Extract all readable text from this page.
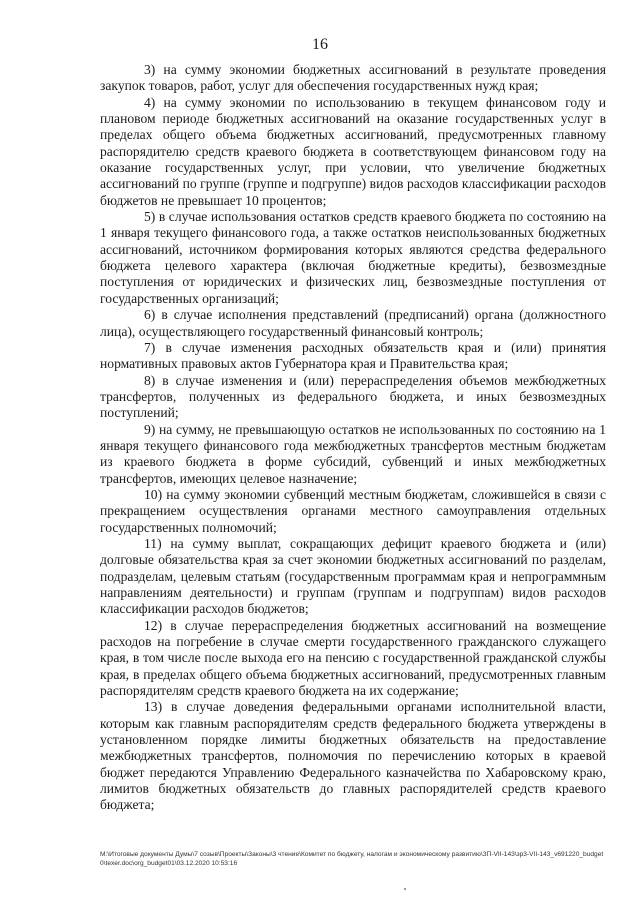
16

3) на сумму экономии бюджетных ассигнований в результате проведения закупок товаров, работ, услуг для обеспечения государственных нужд края;

4) на сумму экономии по использованию в текущем финансовом году и плановом периоде бюджетных ассигнований на оказание государственных услуг в пределах общего объема бюджетных ассигнований, предусмотренных главному распорядителю средств краевого бюджета в соответствующем финансовом году на оказание государственных услуг, при условии, что увеличение бюджетных ассигнований по группе (группе и подгруппе) видов расходов классификации расходов бюджетов не превышает 10 процентов;

5) в случае использования остатков средств краевого бюджета по состоянию на 1 января текущего финансового года, а также остатков неиспользованных бюджетных ассигнований, источником формирования которых являются средства федерального бюджета целевого характера (включая бюджетные кредиты), безвозмездные поступления от юридических и физических лиц, безвозмездные поступления от государственных организаций;

6) в случае исполнения представлений (предписаний) органа (должностного лица), осуществляющего государственный финансовый контроль;

7) в случае изменения расходных обязательств края и (или) принятия нормативных правовых актов Губернатора края и Правительства края;

8) в случае изменения и (или) перераспределения объемов межбюджетных трансфертов, полученных из федерального бюджета, и иных безвозмездных поступлений;

9) на сумму, не превышающую остатков не использованных по состоянию на 1 января текущего финансового года межбюджетных трансфертов местным бюджетам из краевого бюджета в форме субсидий, субвенций и иных межбюджетных трансфертов, имеющих целевое назначение;

10) на сумму экономии субвенций местным бюджетам, сложившейся в связи с прекращением осуществления органами местного самоуправления отдельных государственных полномочий;

11) на сумму выплат, сокращающих дефицит краевого бюджета и (или) долговые обязательства края за счет экономии бюджетных ассигнований по разделам, подразделам, целевым статьям (государственным программам края и непрограммным направлениям деятельности) и группам (группам и подгруппам) видов расходов классификации расходов бюджетов;

12) в случае перераспределения бюджетных ассигнований на возмещение расходов на погребение в случае смерти государственного гражданского служащего края, в том числе после выхода его на пенсию с государственной гражданской службы края, в пределах общего объема бюджетных ассигнований, предусмотренных главным распорядителям средств краевого бюджета на их содержание;

13) в случае доведения федеральными органами исполнительной власти, которым как главным распорядителям средств федерального бюджета утверждены в установленном порядке лимиты бюджетных обязательств на предоставление межбюджетных трансфертов, полномочия по перечислению которых в краевой бюджет передаются Управлению Федерального казначейства по Хабаровскому краю, лимитов бюджетных обязательств до главных распорядителей средств краевого бюджета;

M:\Итоговые документы Думы\7 созыв\Проекты\Законы\3 чтение\Комитет по бюджету, налогам и экономическому развитию\ЗП-VII-143\зр3-VII-143_v691220_budget0\texer.doc\org_budget01\03.12.2020 10:53:16
